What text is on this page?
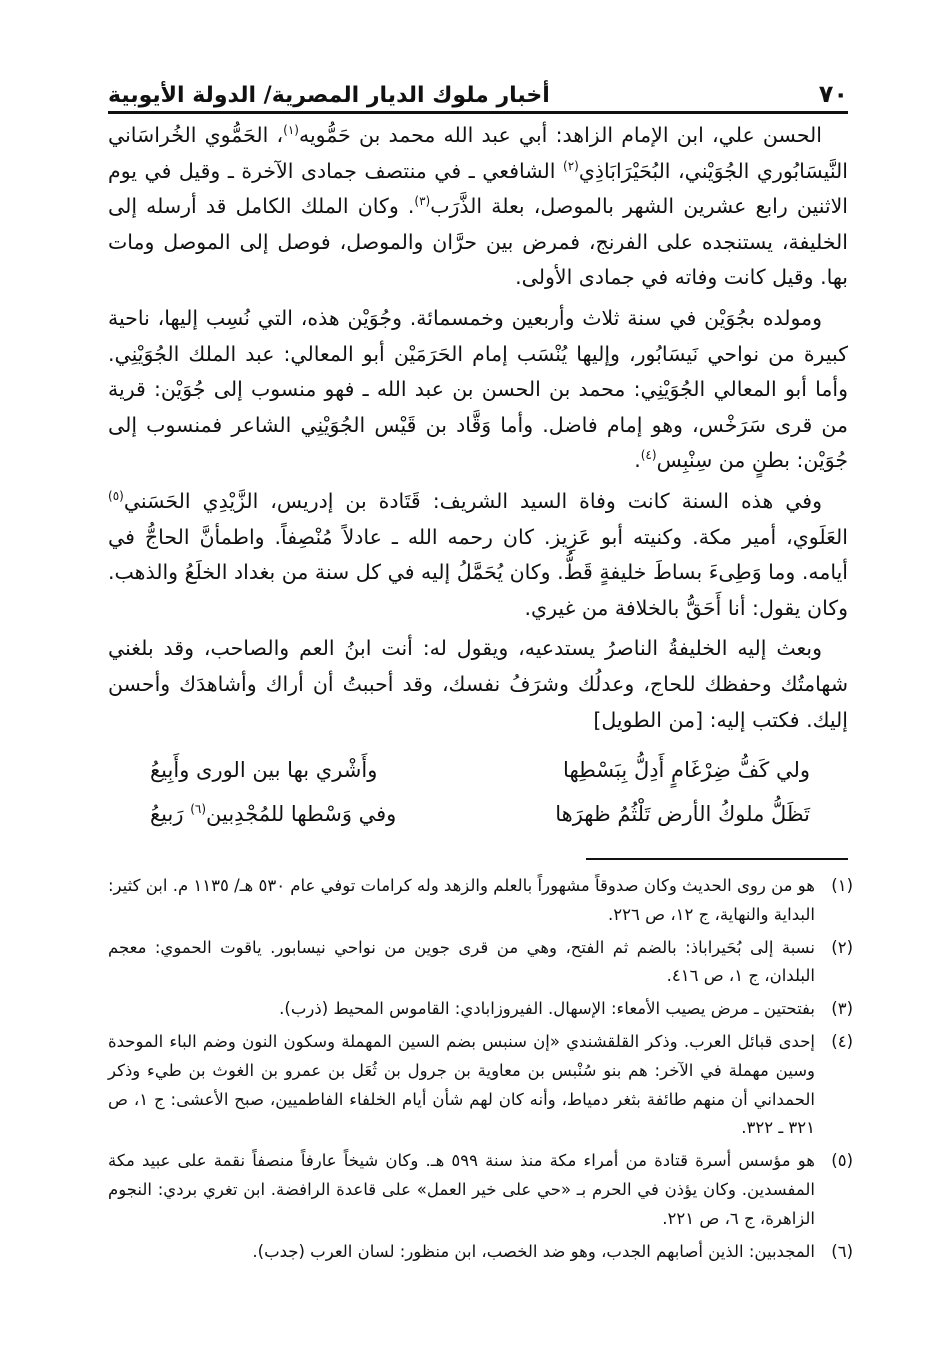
٧٠
أخبار ملوك الديار المصرية/ الدولة الأيوبية

الحسن علي، ابن الإمام الزاهد: أبي عبد الله محمد بن حَمُّويه$^{(١)}$، الحَمُّوي الخُراسَاني النَّيسَابُوري الجُوَيْني، البُحَيْرَابَاذِي$^{(٢)}$ الشافعي ـ في منتصف جمادى الآخرة ـ وقيل في يوم الاثنين رابع عشرين الشهر بالموصل، بعلة الذَّرَب$^{(٣)}$. وكان الملك الكامل قد أرسله إلى الخليفة، يستنجده على الفرنج، فمرض بين حرَّان والموصل، فوصل إلى الموصل ومات بها. وقيل كانت وفاته في جمادى الأولى.

ومولده بجُوَيْن في سنة ثلاث وأربعين وخمسمائة. وجُوَيْن هذه، التي نُسِب إليها، ناحية كبيرة من نواحي نَيسَابُور، وإليها يُنْسَب إمام الحَرَمَيْن أبو المعالي: عبد الملك الجُوَيْنِي. وأما أبو المعالي الجُوَيْنِي: محمد بن الحسن بن عبد الله ـ فهو منسوب إلى جُوَيْن: قرية من قرى سَرَخْس، وهو إمام فاضل. وأما وَقَّاد بن قَيْس الجُوَيْنِي الشاعر فمنسوب إلى جُوَيْن: بطنٍ من سِنْبِس$^{(٤)}$.

وفي هذه السنة كانت وفاة السيد الشريف: قَتَادة بن إدريس، الزَّيْدِي الحَسَني$^{(٥)}$ العَلَوي، أمير مكة. وكنيته أبو عَزِيز. كان رحمه الله ـ عادلاً مُنْصِفاً. واطمأنَّ الحاجُّ في أيامه. وما وَطِىءَ بساطَ خليفةٍ قَطُّ. وكان يُحَمَّلُ إليه في كل سنة من بغداد الخلَعُ والذهب. وكان يقول: أنا أَحَقُّ بالخلافة من غيري.

وبعث إليه الخليفةُ الناصرُ يستدعيه، ويقول له: أنت ابنُ العم والصاحب، وقد بلغني شهامتُك وحفظك للحاج، وعدلُك وشرَفُ نفسك، وقد أحببتُ أن أراك وأشاهدَك وأحسن إليك. فكتب إليه: [من الطويل]

ولي كَفُّ ضِرْغَامٍ أَدِلُّ بِبَسْطِها
وأَشْري بها بين الورى وأَبِيعُ
تَظَلُّ ملوكُ الأرض تَلْثُمُ ظهرَها
وفي وَسْطها للمُجْدِبين$^{(٦)}$ رَبيعُ
(١)
هو من روى الحديث وكان صدوقاً مشهوراً بالعلم والزهد وله كرامات توفي عام ٥٣٠ هـ/ ١١٣٥ م. ابن كثير: البداية والنهاية، ج ١٢، ص ٢٢٦.
(٢)
نسبة إلى بُحَيراباذ: بالضم ثم الفتح، وهي من قرى جوين من نواحي نيسابور. ياقوت الحموي: معجم البلدان، ج ١، ص ٤١٦.
(٣)
بفتحتين ـ مرض يصيب الأمعاء: الإسهال. الفيروزابادي: القاموس المحيط (ذرب).
(٤)
إحدى قبائل العرب. وذكر القلقشندي «إن سنبس بضم السين المهملة وسكون النون وضم الباء الموحدة وسين مهملة في الآخر: هم بنو سُنْبس بن معاوية بن جرول بن ثُعَل بن عمرو بن الغوث بن طيء وذكر الحمداني أن منهم طائفة بثغر دمياط، وأنه كان لهم شأن أيام الخلفاء الفاطميين، صبح الأعشى: ج ١، ص ٣٢١ ـ ٣٢٢.
(٥)
هو مؤسس أسرة قتادة من أمراء مكة منذ سنة ٥٩٩ هـ. وكان شيخاً عارفاً منصفاً نقمة على عبيد مكة المفسدين. وكان يؤذن في الحرم بـ «حي على خير العمل» على قاعدة الرافضة. ابن تغري بردي: النجوم الزاهرة، ج ٦، ص ٢٢١.
(٦)
المجدبين: الذين أصابهم الجدب، وهو ضد الخصب، ابن منظور: لسان العرب (جدب).
